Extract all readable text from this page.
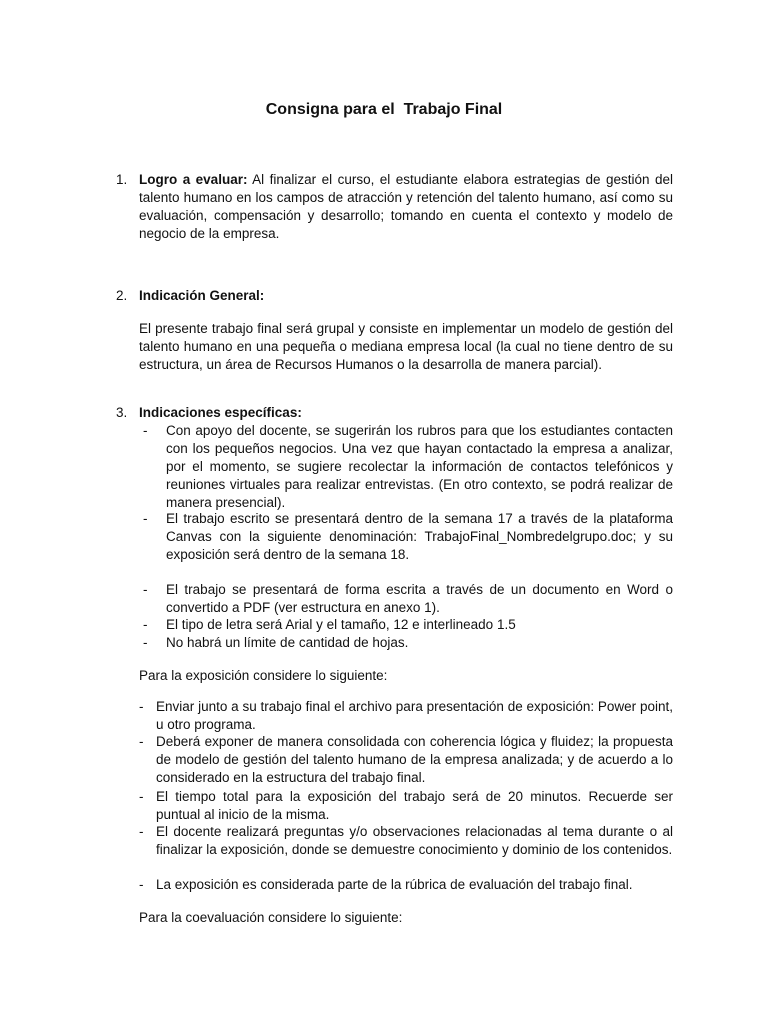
Consigna para el  Trabajo Final
1. Logro a evaluar: Al finalizar el curso, el estudiante elabora estrategias de gestión del talento humano en los campos de atracción y retención del talento humano, así como su evaluación, compensación y desarrollo; tomando en cuenta el contexto y modelo de negocio de la empresa.
2. Indicación General:
El presente trabajo final será grupal y consiste en implementar un modelo de gestión del talento humano en una pequeña o mediana empresa local (la cual no tiene dentro de su estructura, un área de Recursos Humanos o la desarrolla de manera parcial).
3. Indicaciones específicas:
- Con apoyo del docente, se sugerirán los rubros para que los estudiantes contacten con los pequeños negocios. Una vez que hayan contactado la empresa a analizar, por el momento, se sugiere recolectar la información de contactos telefónicos y reuniones virtuales para realizar entrevistas. (En otro contexto, se podrá realizar de manera presencial).
- El trabajo escrito se presentará dentro de la semana 17 a través de la plataforma Canvas con la siguiente denominación: TrabajoFinal_Nombredelgrupo.doc; y su exposición será dentro de la semana 18.
- El trabajo se presentará de forma escrita a través de un documento en Word o convertido a PDF (ver estructura en anexo 1).
- El tipo de letra será Arial y el tamaño, 12 e interlineado 1.5
- No habrá un límite de cantidad de hojas.
Para la exposición considere lo siguiente:
- Enviar junto a su trabajo final el archivo para presentación de exposición: Power point, u otro programa.
- Deberá exponer de manera consolidada con coherencia lógica y fluidez; la propuesta de modelo de gestión del talento humano de la empresa analizada; y de acuerdo a lo considerado en la estructura del trabajo final.
- El tiempo total para la exposición del trabajo será de 20 minutos. Recuerde ser puntual al inicio de la misma.
- El docente realizará preguntas y/o observaciones relacionadas al tema durante o al finalizar la exposición, donde se demuestre conocimiento y dominio de los contenidos.
- La exposición es considerada parte de la rúbrica de evaluación del trabajo final.
Para la coevaluación considere lo siguiente:
